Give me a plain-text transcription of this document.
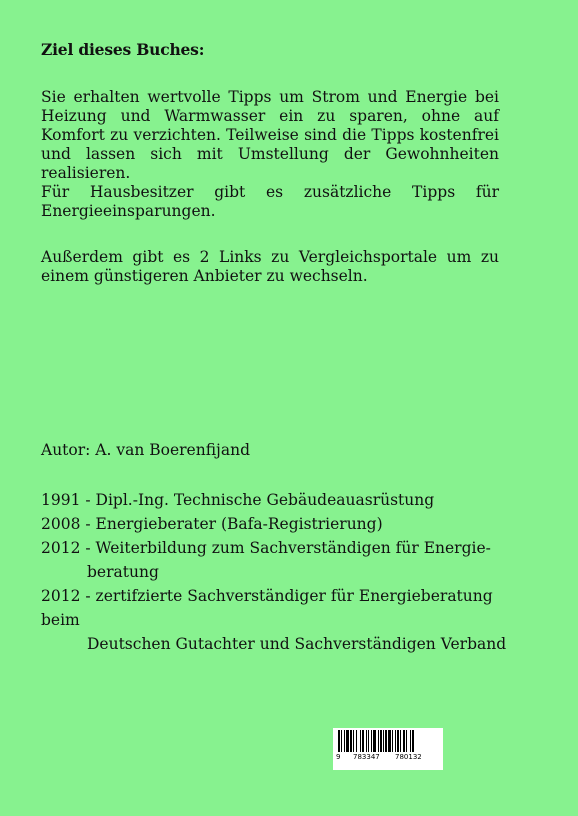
Ziel dieses Buches:
Sie erhalten wertvolle Tipps um Strom und Energie bei Heizung und Warmwasser ein zu sparen, ohne auf Komfort zu verzichten. Teilweise sind die Tipps kostenfrei und lassen sich mit Umstellung der Gewohnheiten realisieren.
Für Hausbesitzer gibt es zusätzliche Tipps für Energieeinsparungen.
Außerdem gibt es 2 Links zu Vergleichsportale um zu einem günstigeren Anbieter zu wechseln.
Autor: A. van Boerenfijand
1991 - Dipl.-Ing. Technische Gebäudeauasrüstung
2008 - Energieberater (Bafa-Registrierung)
2012 - Weiterbildung zum Sachverständigen für Energie-
beratung
2012 - zertifzierte Sachverständiger für Energieberatung beim
Deutschen Gutachter und Sachverständigen Verband
9 783347 780132
